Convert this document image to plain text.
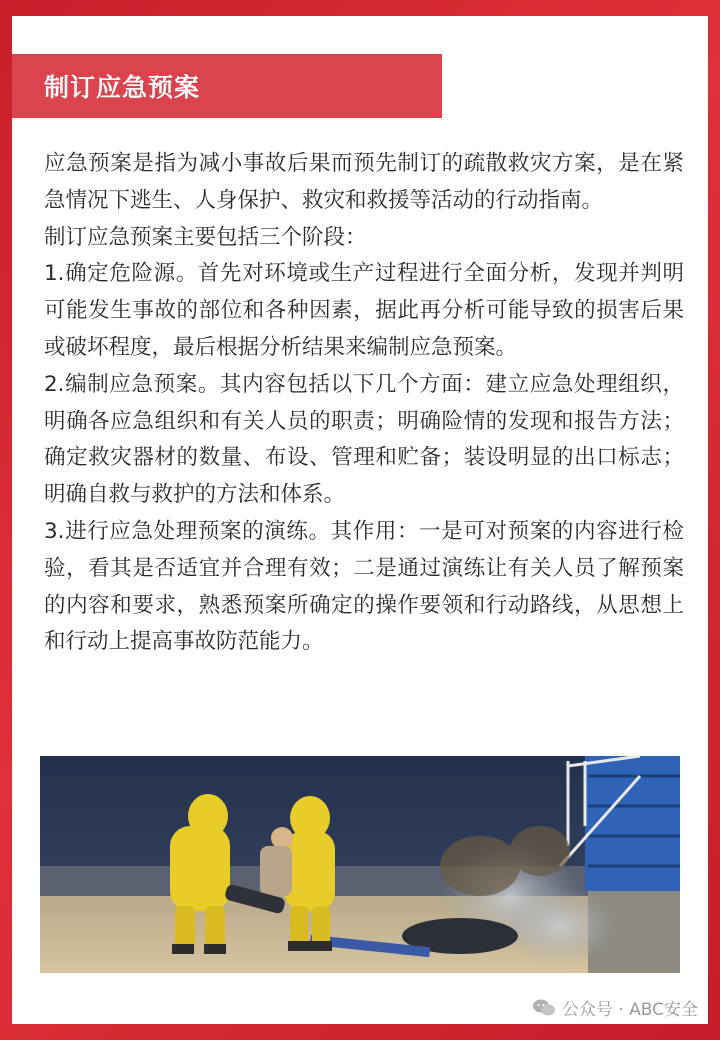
制订应急预案

应急预案是指为减小事故后果而预先制订的疏散救灾方案，是在紧急情况下逃生、人身保护、救灾和救援等活动的行动指南。

制订应急预案主要包括三个阶段：

1.确定危险源。首先对环境或生产过程进行全面分析，发现并判明可能发生事故的部位和各种因素，据此再分析可能导致的损害后果或破坏程度，最后根据分析结果来编制应急预案。

2.编制应急预案。其内容包括以下几个方面：建立应急处理组织，明确各应急组织和有关人员的职责；明确险情的发现和报告方法；确定救灾器材的数量、布设、管理和贮备；装设明显的出口标志；明确自救与救护的方法和体系。

3.进行应急处理预案的演练。其作用：一是可对预案的内容进行检验，看其是否适宜并合理有效；二是通过演练让有关人员了解预案的内容和要求，熟悉预案所确定的操作要领和行动路线，从思想上和行动上提高事故防范能力。

公众号 · ABC安全
